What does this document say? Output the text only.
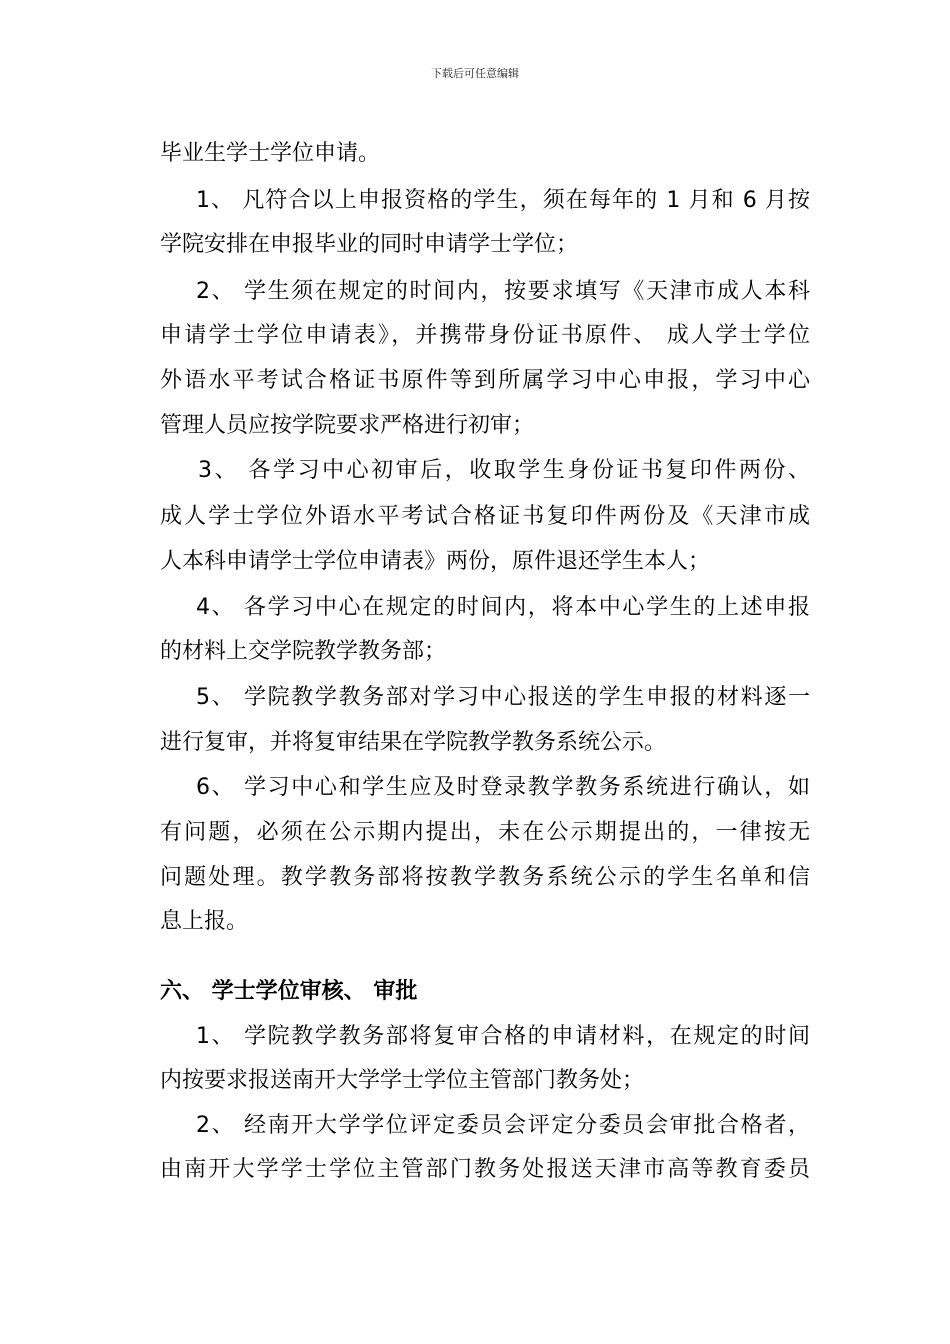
下载后可任意编辑
毕业生学士学位申请。
1、 凡符合以上申报资格的学生，须在每年的 1 月和 6 月按
学院安排在申报毕业的同时申请学士学位；
2、 学生须在规定的时间内，按要求填写《天津市成人本科
申请学士学位申请表》，并携带身份证书原件、 成人学士学位
外语水平考试合格证书原件等到所属学习中心申报，学习中心
管理人员应按学院要求严格进行初审；
3、 各学习中心初审后，收取学生身份证书复印件两份、
成人学士学位外语水平考试合格证书复印件两份及《天津市成
人本科申请学士学位申请表》两份，原件退还学生本人；
4、 各学习中心在规定的时间内，将本中心学生的上述申报
的材料上交学院教学教务部；
5、 学院教学教务部对学习中心报送的学生申报的材料逐一
进行复审，并将复审结果在学院教学教务系统公示。
6、 学习中心和学生应及时登录教学教务系统进行确认，如
有问题，必须在公示期内提出，未在公示期提出的，一律按无
问题处理。教学教务部将按教学教务系统公示的学生名单和信
息上报。
六、 学士学位审核、 审批
1、 学院教学教务部将复审合格的申请材料，在规定的时间
内按要求报送南开大学学士学位主管部门教务处；
2、 经南开大学学位评定委员会评定分委员会审批合格者，
由南开大学学士学位主管部门教务处报送天津市高等教育委员
